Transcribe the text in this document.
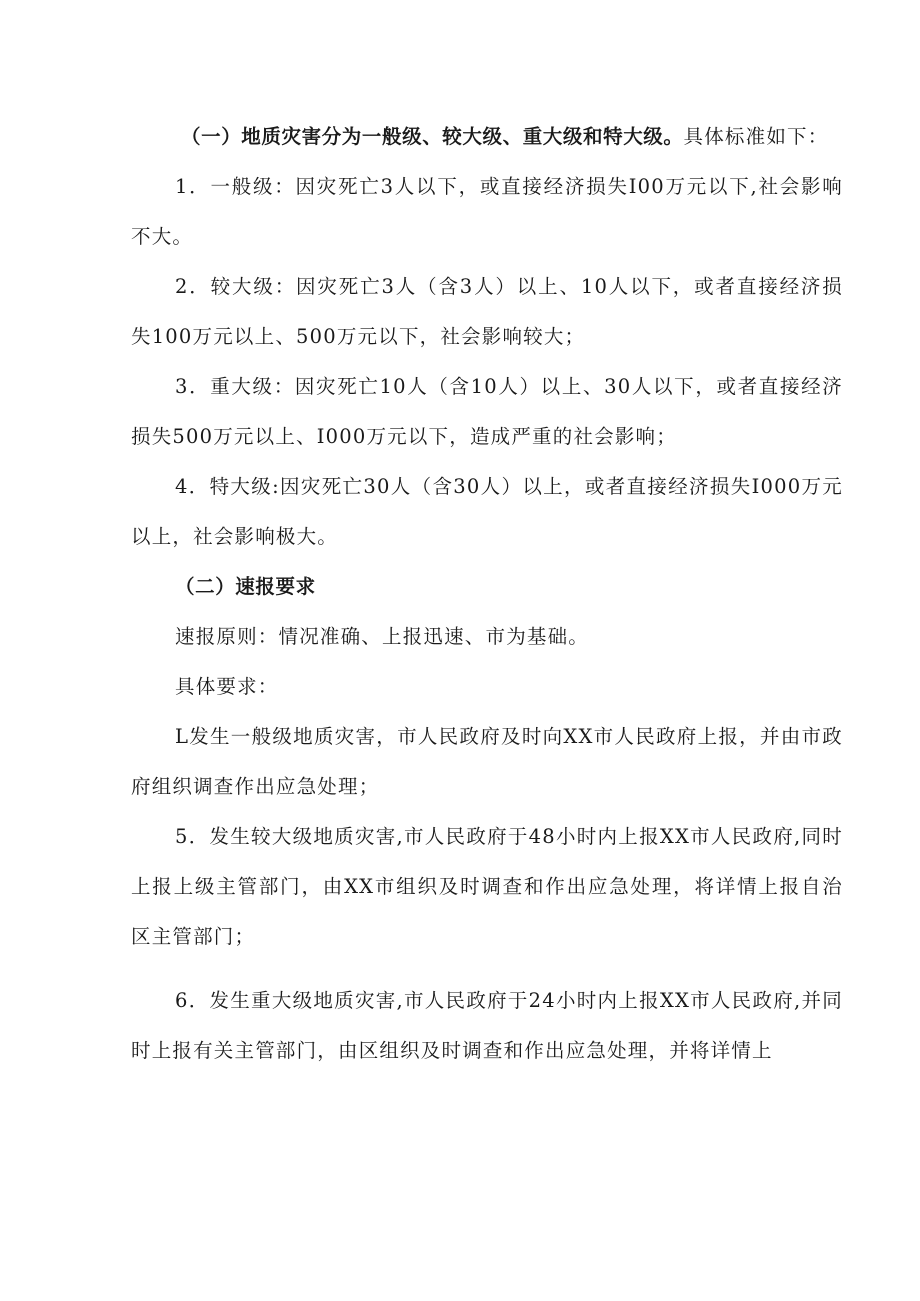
（一）地质灾害分为一般级、较大级、重大级和特大级。具体标准如下：

1．一般级：因灾死亡3人以下，或直接经济损失I00万元以下,社会影响不大。

2．较大级：因灾死亡3人（含3人）以上、10人以下，或者直接经济损失100万元以上、500万元以下，社会影响较大；

3．重大级：因灾死亡10人（含10人）以上、30人以下，或者直接经济损失500万元以上、I000万元以下，造成严重的社会影响；

4．特大级:因灾死亡30人（含30人）以上，或者直接经济损失I000万元以上，社会影响极大。

（二）速报要求

速报原则：情况准确、上报迅速、市为基础。

具体要求：

L发生一般级地质灾害，市人民政府及时向XX市人民政府上报，并由市政府组织调查作出应急处理；

5．发生较大级地质灾害,市人民政府于48小时内上报XX市人民政府,同时上报上级主管部门，由XX市组织及时调查和作出应急处理，将详情上报自治区主管部门；

6．发生重大级地质灾害,市人民政府于24小时内上报XX市人民政府,并同时上报有关主管部门，由区组织及时调查和作出应急处理，并将详情上
